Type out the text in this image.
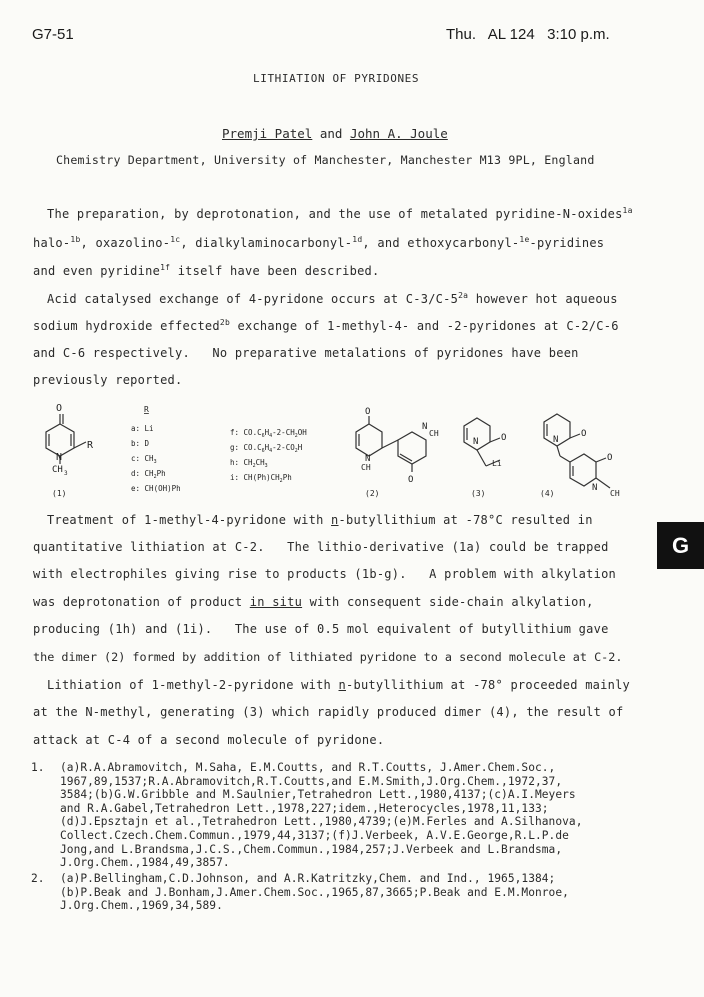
G7-51	Thu.   AL 124   3:10 p.m.
LITHIATION OF PYRIDONES
Premji Patel and John A. Joule
Chemistry Department, University of Manchester, Manchester M13 9PL, England
The preparation, by deprotonation, and the use of metalated pyridine-N-oxides$^{1a}$
halo-$^{1b}$, oxazolino-$^{1c}$, dialkylaminocarbonyl-$^{1d}$, and ethoxycarbonyl-$^{1e}$-pyridines
and even pyridine$^{1f}$ itself have been described.
Acid catalysed exchange of 4-pyridone occurs at $C-3/C-5^{2a}$ however hot aqueous
sodium hydroxide effected$^{2b}$ exchange of 1-methyl-4- and -2-pyridones at C-2/C-6
and C-6 respectively.   No preparative metalations of pyridones have been
previously reported.
O
N
R
CH 3
(1)
R
a: Li
b: D
c: $CH_3$
d: $CH_2Ph$
e: CH(OH)Ph
f: $CO.C_6H_4-2-CH_2OH$
g: $CO.C_6H_4-2-CO_2H$
h: $CH_2CH_3$
i: $CH(Ph)CH_2Ph$
O
N
CH
N
CH
O
(2)
N	O
Li
(3)
N
O
O
N
CH
(4)
Treatment of 1-methyl-4-pyridone with n-butyllithium at -78°C resulted in
quantitative lithiation at C-2.   The lithio-derivative (1a) could be trapped
with electrophiles giving rise to products (1b-g).   A problem with alkylation
was deprotonation of product in situ with consequent side-chain alkylation,
producing (1h) and (1i).   The use of 0.5 mol equivalent of butyllithium gave
the dimer (2) formed by addition of lithiated pyridone to a second molecule at C-2.
Lithiation of 1-methyl-2-pyridone with n-butyllithium at -78° proceeded mainly
at the N-methyl, generating (3) which rapidly produced dimer (4), the result of
attack at C-4 of a second molecule of pyridone.
G
1. (a)R.A.Abramovitch, M.Saha, E.M.Coutts, and R.T.Coutts, J.Amer.Chem.Soc.,
1967,89,1537;R.A.Abramovitch,R.T.Coutts,and E.M.Smith,J.Org.Chem.,1972,37,
3584;(b)G.W.Gribble and M.Saulnier,Tetrahedron Lett.,1980,4137;(c)A.I.Meyers
and R.A.Gabel,Tetrahedron Lett.,1978,227;idem.,Heterocycles,1978,11,133;
(d)J.Epsztajn et al.,Tetrahedron Lett.,1980,4739;(e)M.Ferles and A.Silhanova,
Collect.Czech.Chem.Commun.,1979,44,3137;(f)J.Verbeek, A.V.E.George,R.L.P.de
Jong,and L.Brandsma,J.C.S.,Chem.Commun.,1984,257;J.Verbeek and L.Brandsma,
J.Org.Chem.,1984,49,3857.
2. (a)P.Bellingham,C.D.Johnson, and A.R.Katritzky,Chem. and Ind., 1965,1384;
(b)P.Beak and J.Bonham,J.Amer.Chem.Soc.,1965,87,3665;P.Beak and E.M.Monroe,
J.Org.Chem.,1969,34,589.
